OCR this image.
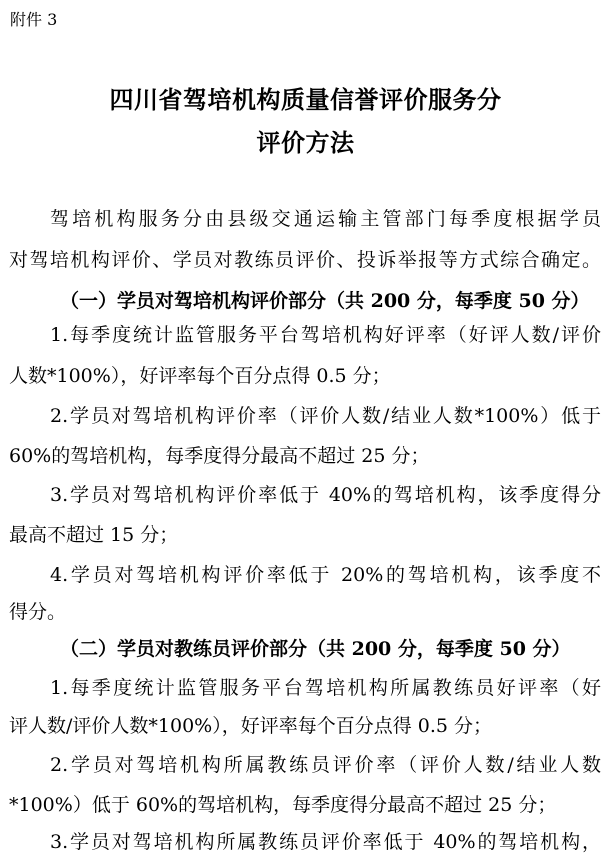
附件 3
四川省驾培机构质量信誉评价服务分
评价方法
驾培机构服务分由县级交通运输主管部门每季度根据学员
对驾培机构评价、学员对教练员评价、投诉举报等方式综合确定。
（一）学员对驾培机构评价部分（共 200 分，每季度 50 分）
1.每季度统计监管服务平台驾培机构好评率（好评人数/评价
人数*100%），好评率每个百分点得 0.5 分；
2.学员对驾培机构评价率（评价人数/结业人数*100%）低于
60%的驾培机构，每季度得分最高不超过 25 分；
3.学员对驾培机构评价率低于 40%的驾培机构，该季度得分
最高不超过 15 分；
4.学员对驾培机构评价率低于 20%的驾培机构，该季度不
得分。
（二）学员对教练员评价部分（共 200 分，每季度 50 分）
1.每季度统计监管服务平台驾培机构所属教练员好评率（好
评人数/评价人数*100%），好评率每个百分点得 0.5 分；
2.学员对驾培机构所属教练员评价率（评价人数/结业人数
*100%）低于 60%的驾培机构，每季度得分最高不超过 25 分；
3.学员对驾培机构所属教练员评价率低于 40%的驾培机构，
